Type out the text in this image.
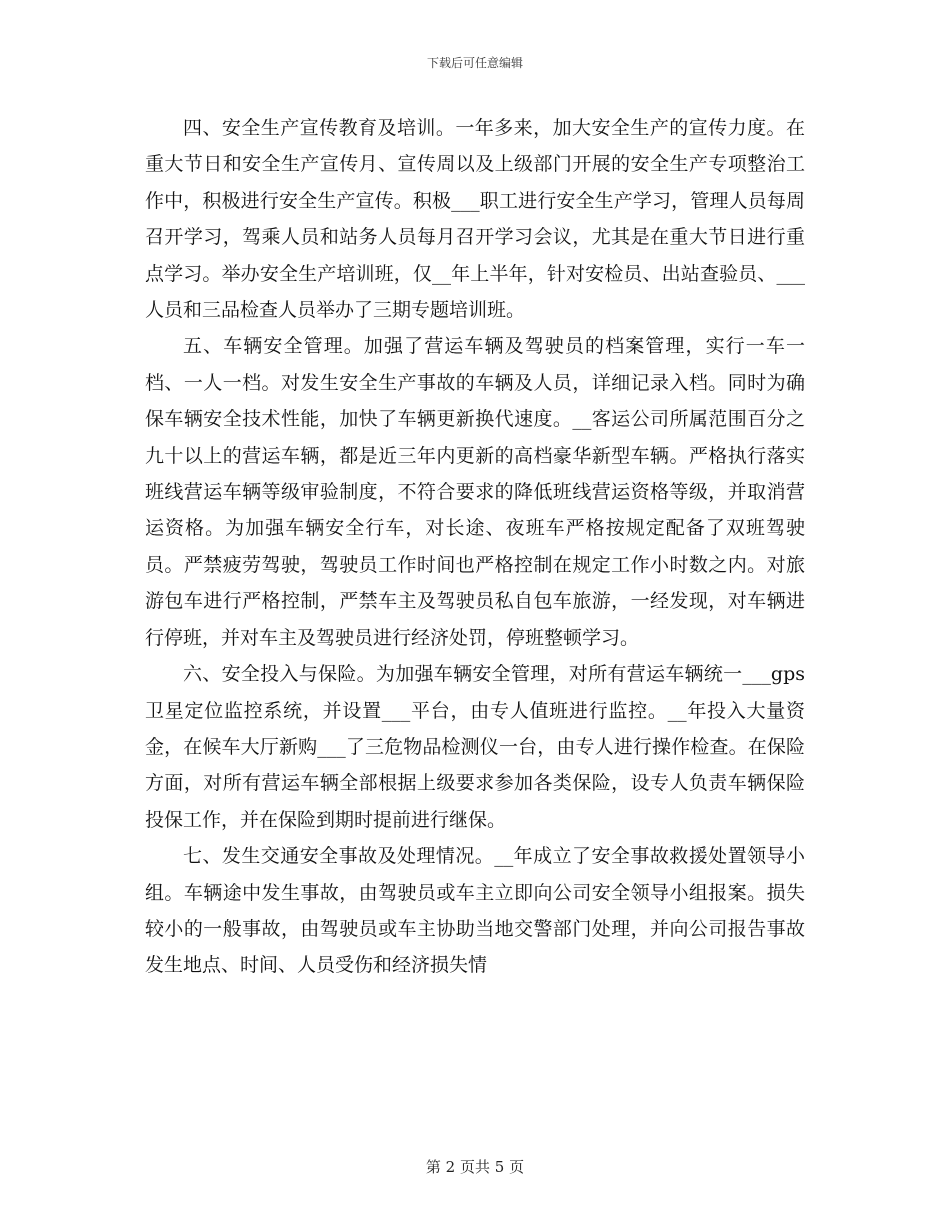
下载后可任意编辑

四、安全生产宣传教育及培训。一年多来，加大安全生产的宣传力度。在重大节日和安全生产宣传月、宣传周以及上级部门开展的安全生产专项整治工作中，积极进行安全生产宣传。积极___职工进行安全生产学习，管理人员每周召开学习，驾乘人员和站务人员每月召开学习会议，尤其是在重大节日进行重点学习。举办安全生产培训班，仅__年上半年，针对安检员、出站查验员、___人员和三品检查人员举办了三期专题培训班。

五、车辆安全管理。加强了营运车辆及驾驶员的档案管理，实行一车一档、一人一档。对发生安全生产事故的车辆及人员，详细记录入档。同时为确保车辆安全技术性能，加快了车辆更新换代速度。__客运公司所属范围百分之九十以上的营运车辆，都是近三年内更新的高档豪华新型车辆。严格执行落实班线营运车辆等级审验制度，不符合要求的降低班线营运资格等级，并取消营运资格。为加强车辆安全行车，对长途、夜班车严格按规定配备了双班驾驶员。严禁疲劳驾驶，驾驶员工作时间也严格控制在规定工作小时数之内。对旅游包车进行严格控制，严禁车主及驾驶员私自包车旅游，一经发现，对车辆进行停班，并对车主及驾驶员进行经济处罚，停班整顿学习。

六、安全投入与保险。为加强车辆安全管理，对所有营运车辆统一___gps卫星定位监控系统，并设置___平台，由专人值班进行监控。__年投入大量资金，在候车大厅新购___了三危物品检测仪一台，由专人进行操作检查。在保险方面，对所有营运车辆全部根据上级要求参加各类保险，设专人负责车辆保险投保工作，并在保险到期时提前进行继保。

七、发生交通安全事故及处理情况。__年成立了安全事故救援处置领导小组。车辆途中发生事故，由驾驶员或车主立即向公司安全领导小组报案。损失较小的一般事故，由驾驶员或车主协助当地交警部门处理，并向公司报告事故发生地点、时间、人员受伤和经济损失情

第 2 页共 5 页
